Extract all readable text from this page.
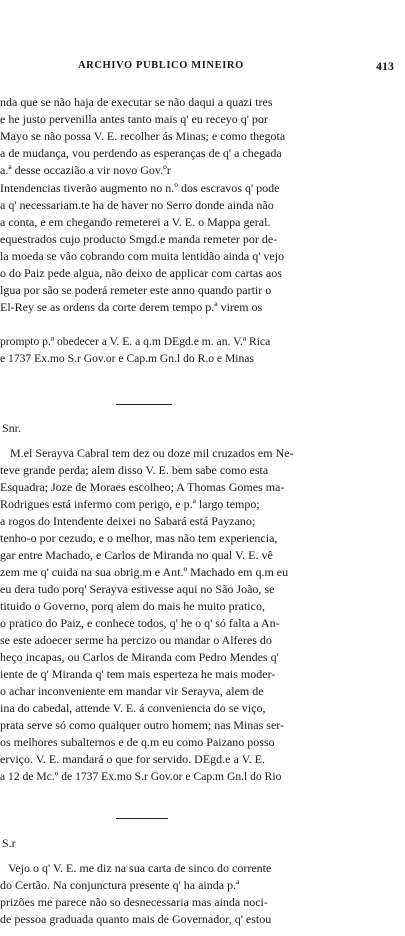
ARCHIVO PUBLICO MINEIRO	413
nda que se não haja de executar se não daqui a quazi tres
e he justo pervenilla antes tanto mais q' eu receyo q' por
Mayo se não possa V. E. recolher ás Minas; e como thegota
a de mudança, vou perdendo as esperanças de q' a chegada
a.ª desse occazião a vir novo Gov.ºr
Intendencias tiverão augmento no n.º dos escravos q' pode
a q' necessariam.te ha de haver no Serro donde ainda não
a conta, e em chegando remeterei a V. E. o Mappa geral.
equestrados cujo producto Smgd.e manda remeter por de-
la moeda se vão cobrando com muita lentidão ainda q' vejo
o do Paiz pede algua, não deixo de applicar com cartas aos
lgua por são se poderá remeter este anno quando partir o
El-Rey se as ordens da corte derem tempo p.ª virem os
prompto p.ª obedecer a V. E. a q.m DEgd.e m. an. V.ª Rica
e 1737 Ex.mo S.r Gov.or e Cap.m Gn.l do R.o e Minas
Snr.
M.el Serayva Cabral tem dez ou doze mil cruzados em Ne-
teve grande perda; alem disso V. E. bem sabe como esta
Esquadra; Joze de Moraes escolheo; A Thomas Gomes ma-
Rodrigues está infermo com perigo, e p.ª largo tempo;
a rogos do Intendente deixei no Sabará está Payzano;
tenho-o por cezudo, e o melhor, mas não tem experiencia,
gar entre Machado, e Carlos de Miranda no qual V. E. vê
zem me q' cuida na sua obrig.m e Ant.º Machado em q.m eu
eu dera tudo porq' Serayva estivesse aqui no São João, se
tituido o Governo, porq alem do mais he muito pratico,
o pratico do Paiz, e conhece todos, q' he o q' só falta a An-
se este adoecer serme ha percizo ou mandar o Alferes do
heço incapas, ou Carlos de Miranda com Pedro Mendes q'
iente de q' Miranda q' tem mais esperteza he mais moder-
o achar inconveniente em mandar vir Serayva, alem de
ina do cabedal, attende V. E. á conveniencia do se viço,
prata serve só como qualquer outro homem; nas Minas ser-
os melhores subalternos e de q.m eu como Paizano posso
erviço. V. E. mandará o que for servido. DEgd.e a V. E.
a 12 de Mc.º de 1737 Ex.mo S.r Gov.or e Cap.m Gn.l do Rio
S.r
Vejo o q' V. E. me diz na sua carta de sinco do corrente
do Certão. Na conjunctura presente q' ha ainda p.ª
prizões me parece não so desnecessaria mas ainda noci-
de pessoa graduada quanto mais de Governador, q' estou
